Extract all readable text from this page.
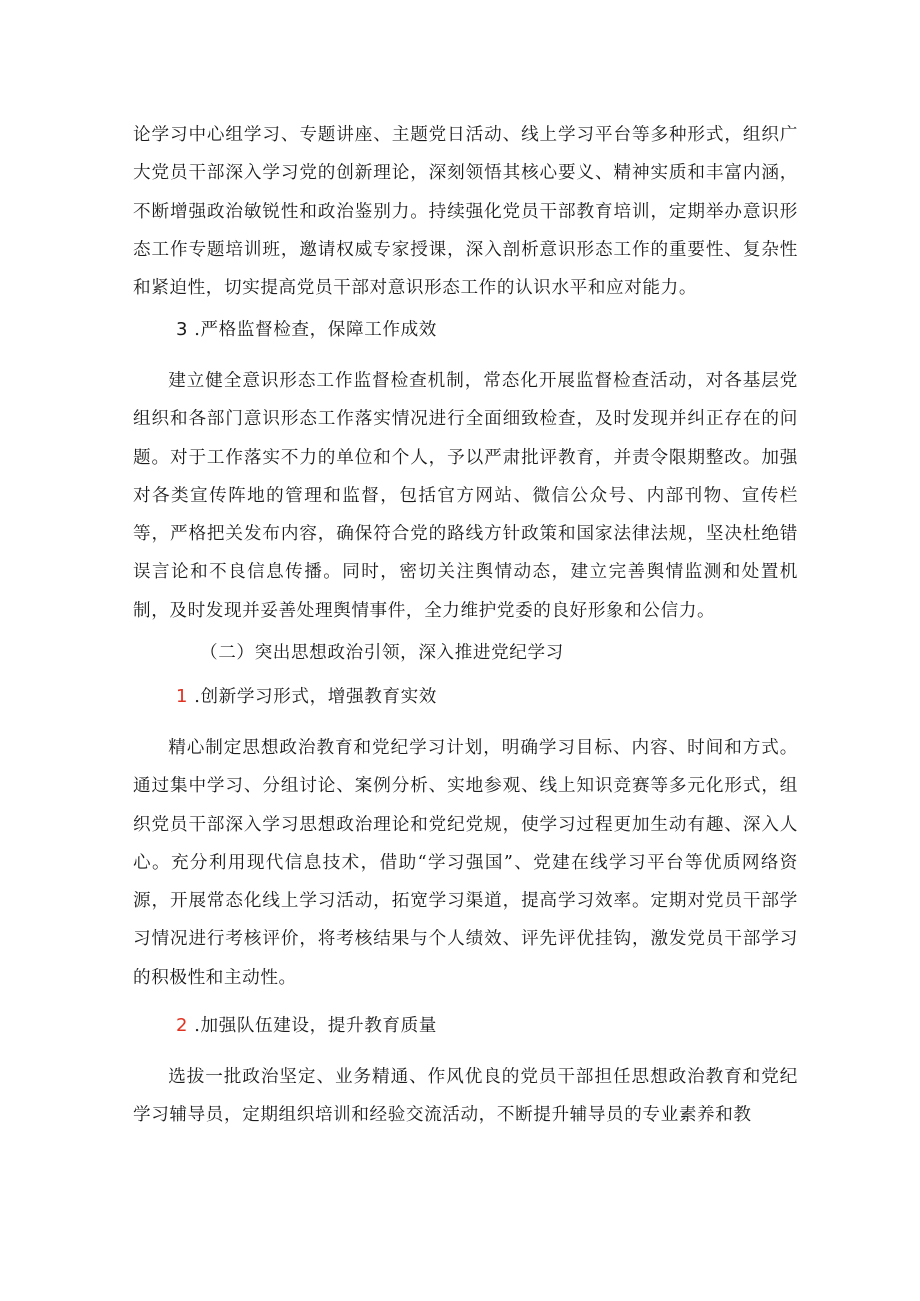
论学习中心组学习、专题讲座、主题党日活动、线上学习平台等多种形式，组织广大党员干部深入学习党的创新理论，深刻领悟其核心要义、精神实质和丰富内涵，不断增强政治敏锐性和政治鉴别力。持续强化党员干部教育培训，定期举办意识形态工作专题培训班，邀请权威专家授课，深入剖析意识形态工作的重要性、复杂性和紧迫性，切实提高党员干部对意识形态工作的认识水平和应对能力。

3 .严格监督检查，保障工作成效

建立健全意识形态工作监督检查机制，常态化开展监督检查活动，对各基层党组织和各部门意识形态工作落实情况进行全面细致检查，及时发现并纠正存在的问题。对于工作落实不力的单位和个人，予以严肃批评教育，并责令限期整改。加强对各类宣传阵地的管理和监督，包括官方网站、微信公众号、内部刊物、宣传栏等，严格把关发布内容，确保符合党的路线方针政策和国家法律法规，坚决杜绝错误言论和不良信息传播。同时，密切关注舆情动态，建立完善舆情监测和处置机制，及时发现并妥善处理舆情事件，全力维护党委的良好形象和公信力。

（二）突出思想政治引领，深入推进党纪学习

1 .创新学习形式，增强教育实效

精心制定思想政治教育和党纪学习计划，明确学习目标、内容、时间和方式。通过集中学习、分组讨论、案例分析、实地参观、线上知识竞赛等多元化形式，组织党员干部深入学习思想政治理论和党纪党规，使学习过程更加生动有趣、深入人心。充分利用现代信息技术，借助“学习强国”、党建在线学习平台等优质网络资源，开展常态化线上学习活动，拓宽学习渠道，提高学习效率。定期对党员干部学习情况进行考核评价，将考核结果与个人绩效、评先评优挂钩，激发党员干部学习的积极性和主动性。

2 .加强队伍建设，提升教育质量

选拔一批政治坚定、业务精通、作风优良的党员干部担任思想政治教育和党纪学习辅导员，定期组织培训和经验交流活动，不断提升辅导员的专业素养和教
